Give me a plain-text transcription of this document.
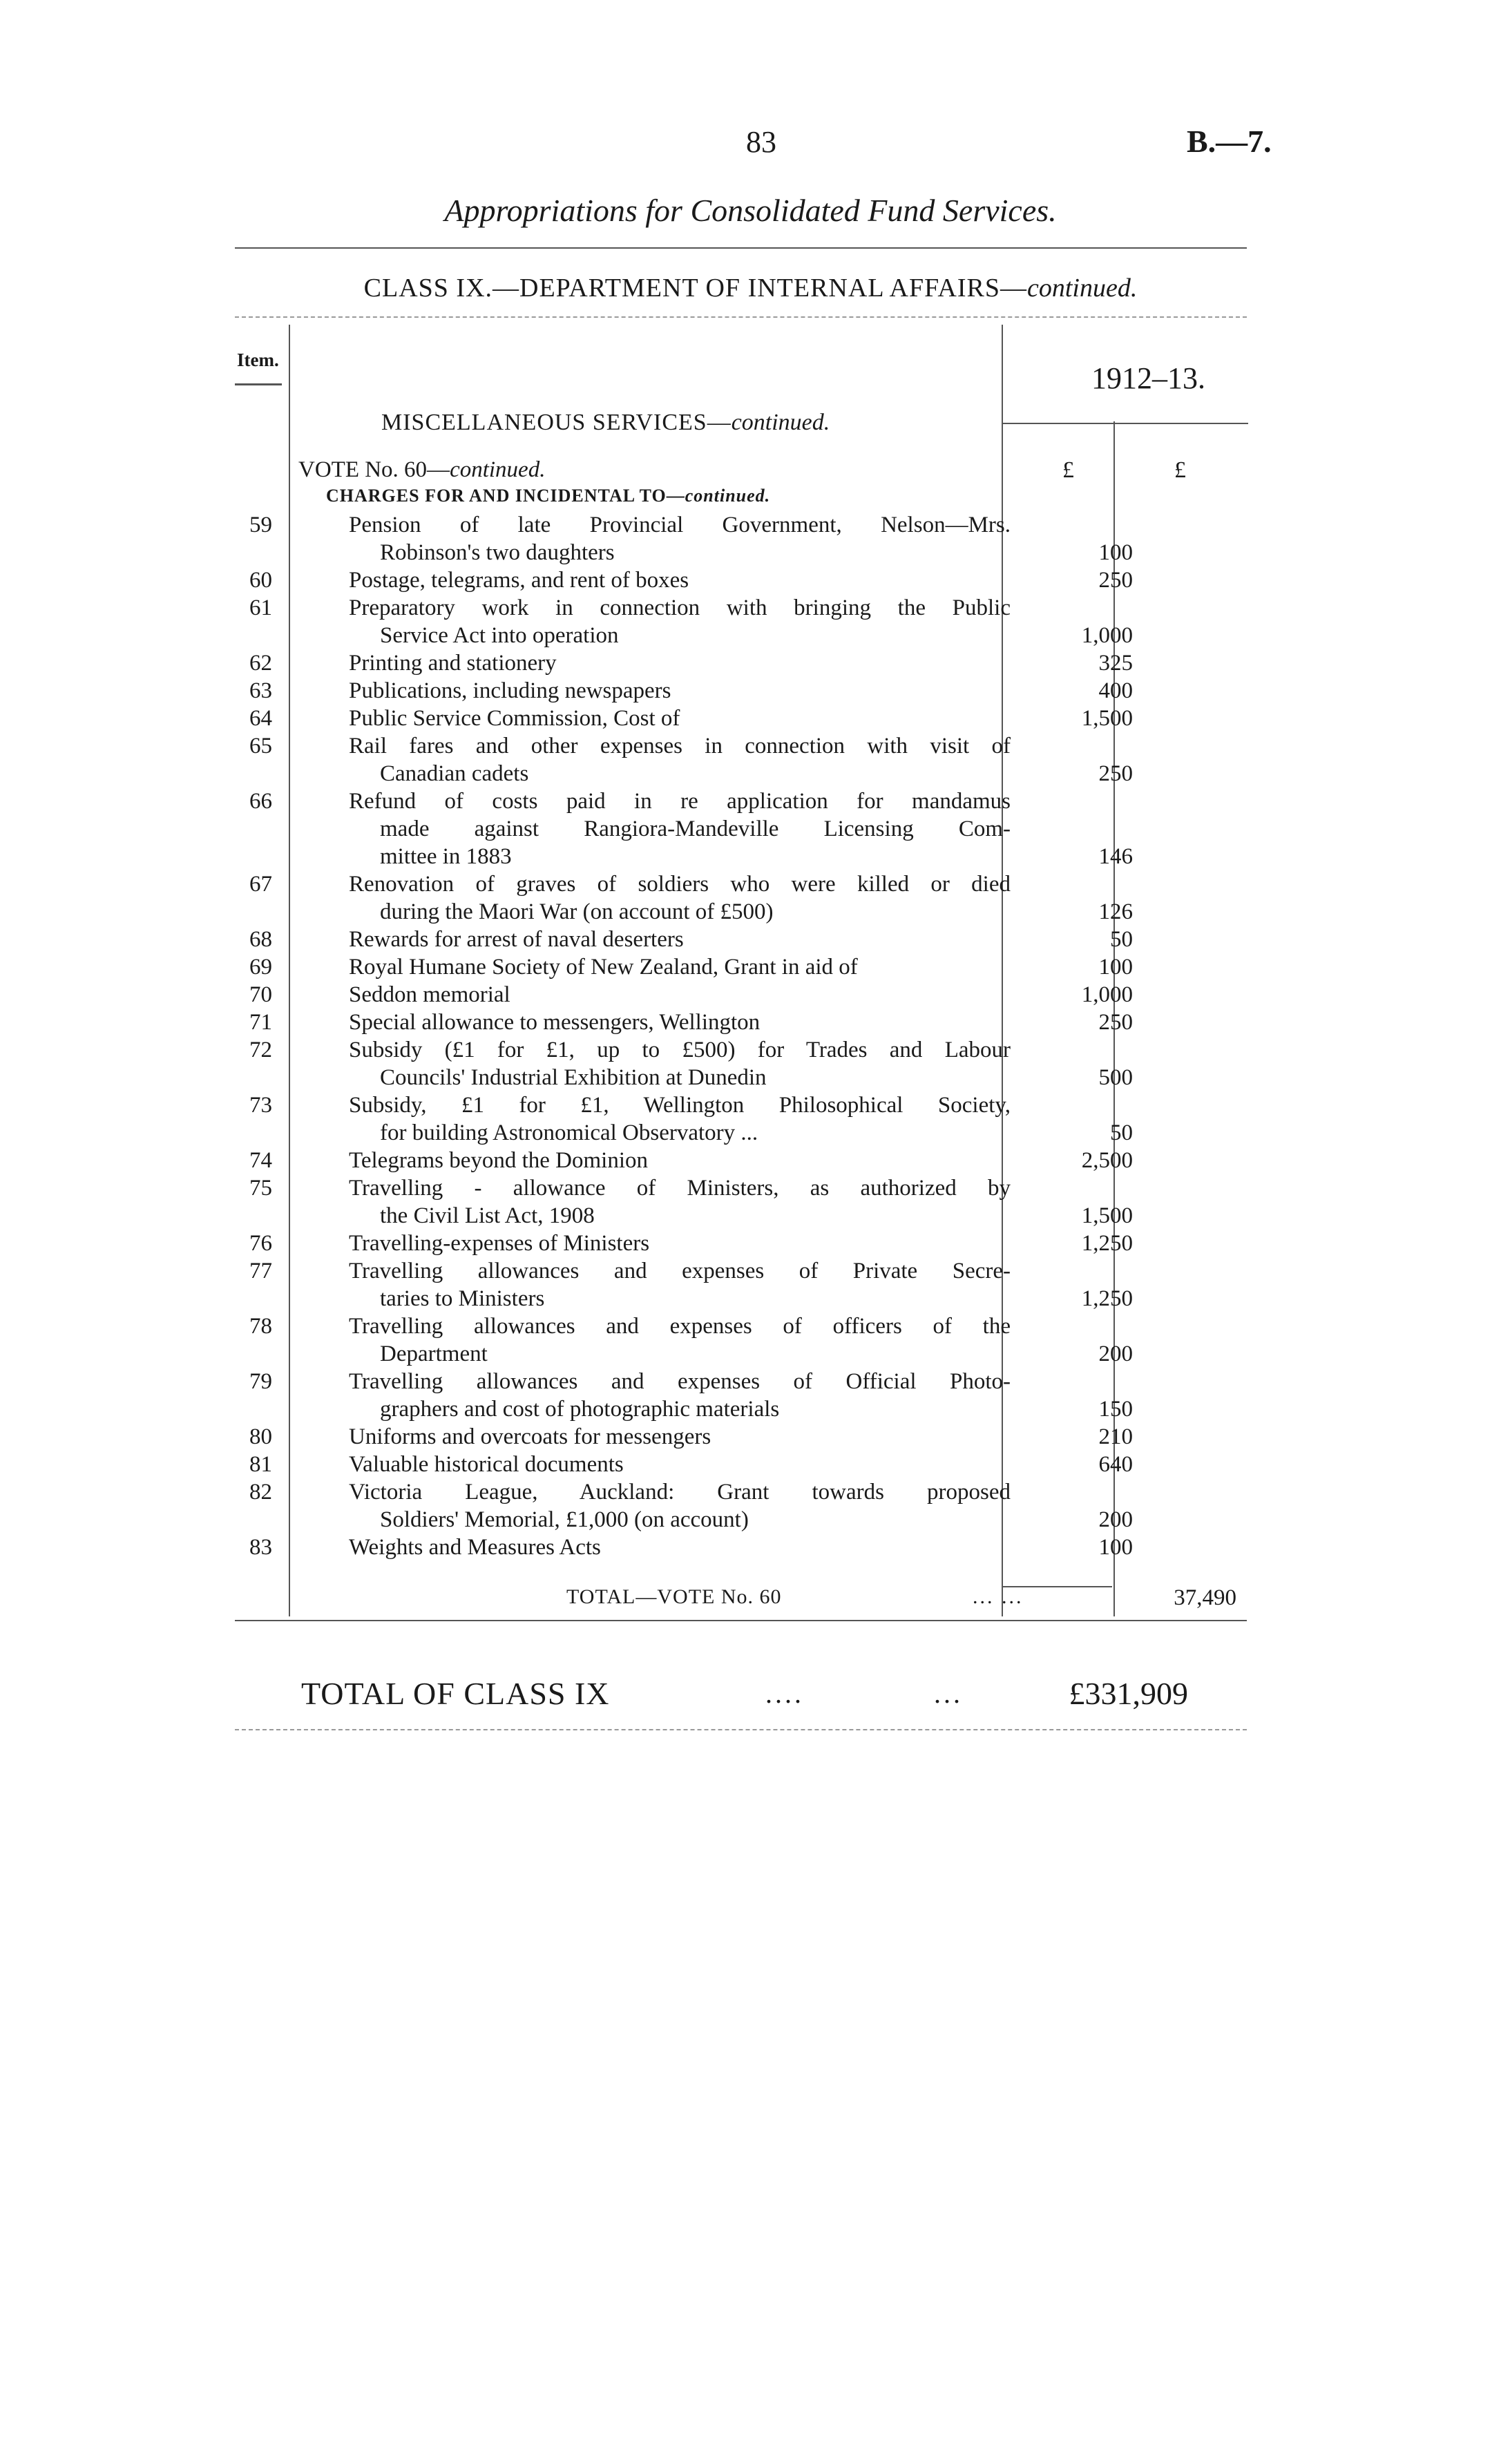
83	B.—7.
Appropriations for Consolidated Fund Services.
CLASS IX.—DEPARTMENT OF INTERNAL AFFAIRS—continued.
Item.
1912–13.
MISCELLANEOUS SERVICES—continued.
VOTE No. 60—continued.	£	£
CHARGES FOR AND INCIDENTAL TO—continued.
59	Pension of late Provincial Government, Nelson—Mrs.
Robinson's two daughters	100
60	Postage, telegrams, and rent of boxes	250
61	Preparatory work in connection with bringing the Public
Service Act into operation	1,000
62	Printing and stationery	325
63	Publications, including newspapers	400
64	Public Service Commission, Cost of	1,500
65	Rail fares and other expenses in connection with visit of
Canadian cadets	250
66	Refund of costs paid in re application for mandamus
made against Rangiora-Mandeville Licensing Com-
mittee in 1883	146
67	Renovation of graves of soldiers who were killed or died
during the Maori War (on account of £500)	126
68	Rewards for arrest of naval deserters	50
69	Royal Humane Society of New Zealand, Grant in aid of	100
70	Seddon memorial	1,000
71	Special allowance to messengers, Wellington	250
72	Subsidy (£1 for £1, up to £500) for Trades and Labour
Councils' Industrial Exhibition at Dunedin	500
73	Subsidy, £1 for £1, Wellington Philosophical Society,
for building Astronomical Observatory ...	50
74	Telegrams beyond the Dominion	2,500
75	Travelling - allowance of Ministers, as authorized by
the Civil List Act, 1908	1,500
76	Travelling-expenses of Ministers	1,250
77	Travelling allowances and expenses of Private Secre-
taries to Ministers	1,250
78	Travelling allowances and expenses of officers of the
Department	200
79	Travelling allowances and expenses of Official Photo-
graphers and cost of photographic materials	150
80	Uniforms and overcoats for messengers	210
81	Valuable historical documents	640
82	Victoria League, Auckland: Grant towards proposed
Soldiers' Memorial, £1,000 (on account)	200
83	Weights and Measures Acts	100
TOTAL—VOTE No. 60	... ...	37,490
TOTAL OF CLASS IX	....	...	£331,909
